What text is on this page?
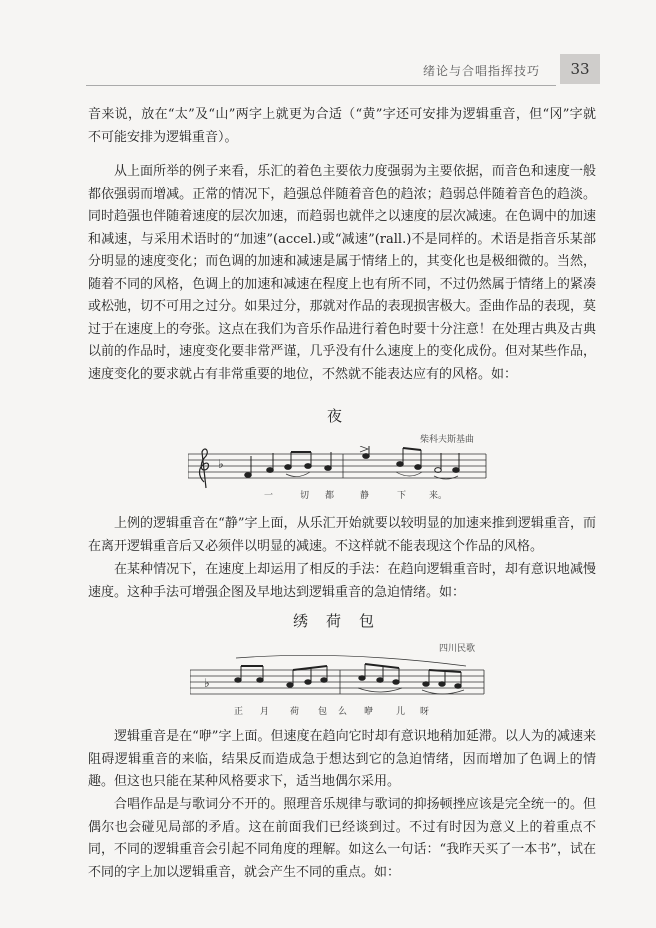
绪论与合唱指挥技巧	33

音来说，放在“太”及“山”两字上就更为合适（“黄”字还可安排为逻辑重音，但“冈”字就不可能安排为逻辑重音）。

从上面所举的例子来看，乐汇的着色主要依力度强弱为主要依据，而音色和速度一般都依强弱而增减。正常的情况下，趋强总伴随着音色的趋浓；趋弱总伴随着音色的趋淡。同时趋强也伴随着速度的层次加速，而趋弱也就伴之以速度的层次减速。在色调中的加速和减速，与采用术语时的“加速”(accel.)或“减速”(rall.)不是同样的。术语是指音乐某部分明显的速度变化；而色调的加速和减速是属于情绪上的，其变化也是极细微的。当然，随着不同的风格，色调上的加速和减速在程度上也有所不同，不过仍然属于情绪上的紧凑或松弛，切不可用之过分。如果过分，那就对作品的表现损害极大。歪曲作品的表现，莫过于在速度上的夸张。这点在我们为音乐作品进行着色时要十分注意！在处理古典及古典以前的作品时，速度变化要非常严谨，几乎没有什么速度上的变化成份。但对某些作品，速度变化的要求就占有非常重要的地位，不然就不能表达应有的风格。如：

夜
柴科夫斯基曲
♭
一	切 都	静	下	来。

上例的逻辑重音在“静”字上面，从乐汇开始就要以较明显的加速来推到逻辑重音，而在离开逻辑重音后又必须伴以明显的减速。不这样就不能表现这个作品的风格。

在某种情况下，在速度上却运用了相反的手法：在趋向逻辑重音时，却有意识地减慢速度。这种手法可增强企图及早地达到逻辑重音的急迫情绪。如：

绣荷包
四川民歌
♭
正 月 荷 包 么 咿	儿 呀

逻辑重音是在“咿”字上面。但速度在趋向它时却有意识地稍加延滞。以人为的减速来阻碍逻辑重音的来临，结果反而造成急于想达到它的急迫情绪，因而增加了色调上的情趣。但这也只能在某种风格要求下，适当地偶尔采用。

合唱作品是与歌词分不开的。照理音乐规律与歌词的抑扬顿挫应该是完全统一的。但偶尔也会碰见局部的矛盾。这在前面我们已经谈到过。不过有时因为意义上的着重点不同，不同的逻辑重音会引起不同角度的理解。如这么一句话：“我昨天买了一本书”，试在不同的字上加以逻辑重音，就会产生不同的重点。如：
